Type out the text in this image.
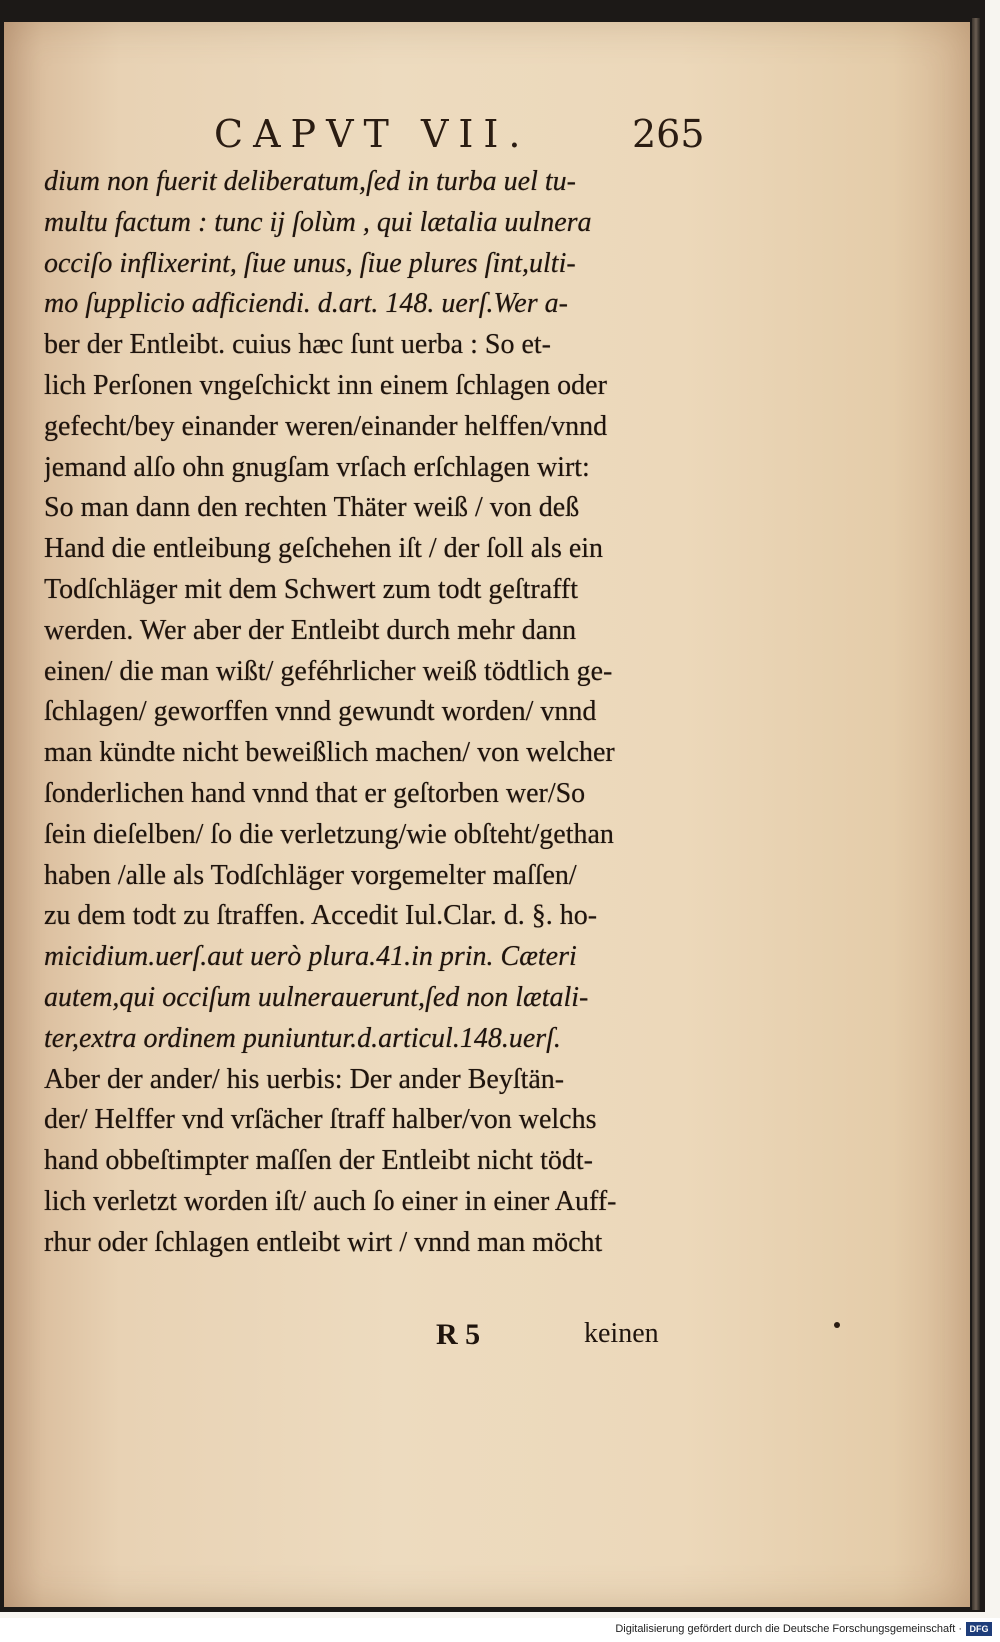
CAPVT VII.	265
dium non fuerit deliberatum,ſed in turba uel tu-
multu factum : tunc ij ſolùm , qui lætalia uulnera
occiſo inflixerint, ſiue unus, ſiue plures ſint,ulti-
mo ſupplicio adficiendi. d.art. 148. uerſ.Wer a-
ber der Entleibt. cuius hæc ſunt uerba : So et-
lich Perſonen vngeſchickt inn einem ſchlagen oder
gefecht/bey einander weren/einander helffen/vnnd
jemand alſo ohn gnugſam vrſach erſchlagen wirt:
So man dann den rechten Thäter weiß / von deß
Hand die entleibung geſchehen iſt / der ſoll als ein
Todſchläger mit dem Schwert zum todt geſtrafft
werden. Wer aber der Entleibt durch mehr dann
einen/ die man wißt/ geféhrlicher weiß tödtlich ge-
ſchlagen/ geworffen vnnd gewundt worden/ vnnd
man kündte nicht beweißlich machen/ von welcher
ſonderlichen hand vnnd that er geſtorben wer/So
ſein dieſelben/ ſo die verletzung/wie obſteht/gethan
haben /alle als Todſchläger vorgemelter maſſen/
zu dem todt zu ſtraffen. Accedit Iul.Clar. d. §. ho-
micidium.uerſ.aut uerò plura.41.in prin. Cæteri
autem,qui occiſum uulnerauerunt,ſed non lætali-
ter,extra ordinem puniuntur.d.articul.148.uerſ.
Aber der ander/ his uerbis: Der ander Beyſtän-
der/ Helffer vnd vrſächer ſtraff halber/von welchs
hand obbeſtimpter maſſen der Entleibt nicht tödt-
lich verletzt worden iſt/ auch ſo einer in einer Auff-
rhur oder ſchlagen entleibt wirt / vnnd man möcht
R 5	keinen
Digitalisierung gefördert durch die Deutsche Forschungsgemeinschaft · DFG
